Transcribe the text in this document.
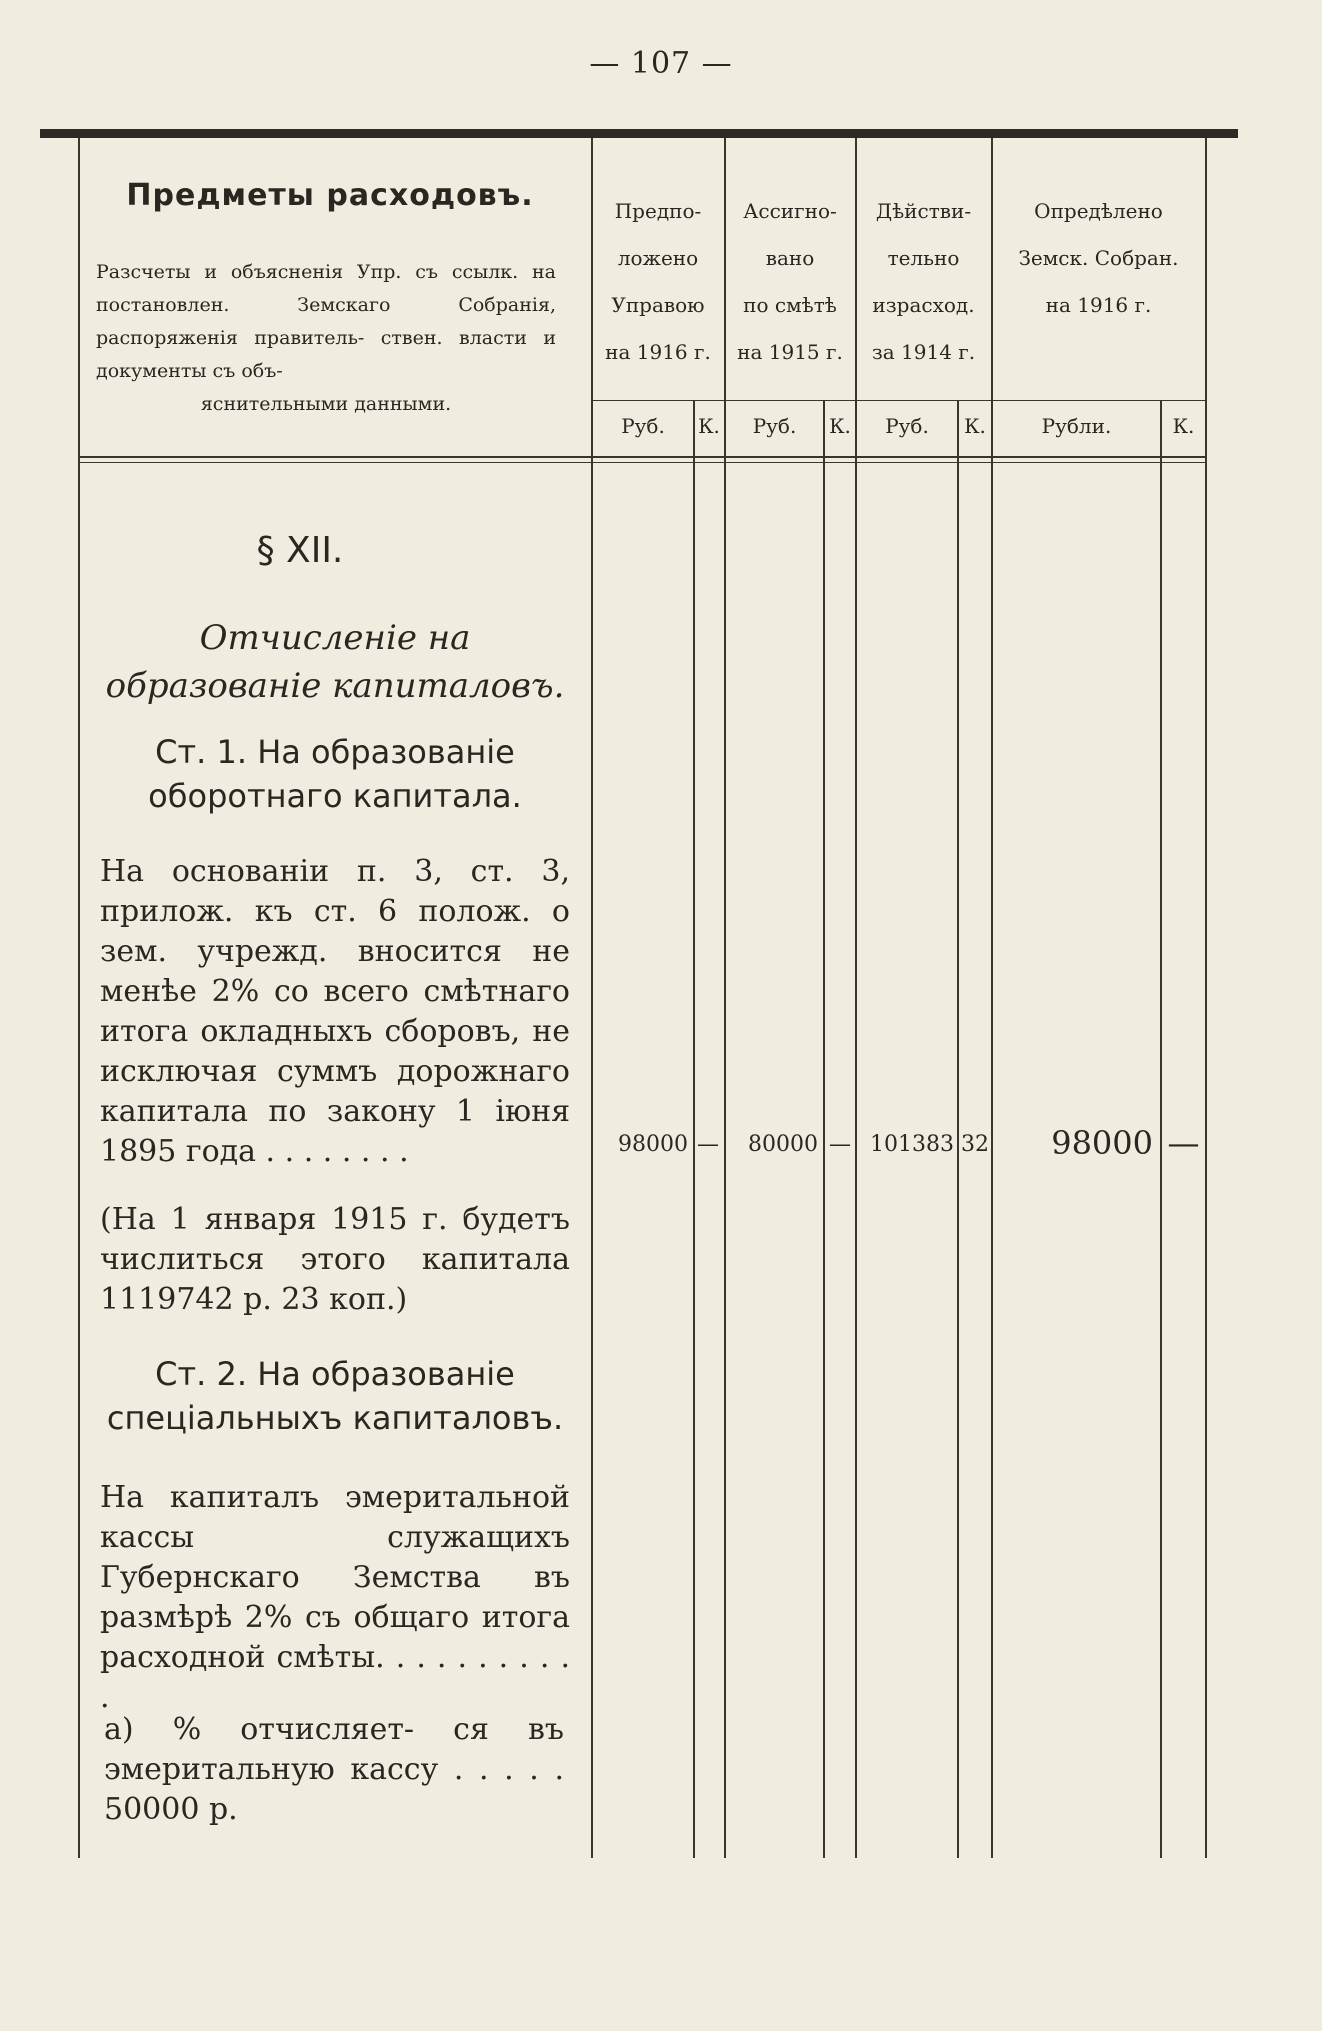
— 107 —
Предметы расходовъ.
Разсчеты и объясненія Упр. съ ссылк. на постановлен. Земскаго	Собранія, распоряженія правитель- ствен. власти и документы съ объ-
яснительными данными.
Предпо-
ложено
Управою
на 1916 г.
Ассигно-
вано
по смѣтѣ
на 1915 г.
Дѣйстви-
тельно
израсход.
за 1914 г.
Опредѣлено
Земск. Собран.
на 1916 г.
Руб.	К.	Руб.	К.	Руб.	К.	Рубли.	К.
§ XII.
Отчисленіе на образованіе капиталовъ.
Ст. 1. На образованіе оборотнаго капитала.
На основаніи п. 3, ст. 3, прилож. къ ст. 6 полож. о зем. учрежд. вносится не менѣе 2% со всего смѣтнаго итога окладныхъ сборовъ, не исключая суммъ дорожнаго капитала по закону 1 іюня 1895 года . . . . . . . .
(На 1 января 1915 г. будетъ числиться этого капитала 1119742 р. 23 коп.)
Ст. 2. На образованіе спеціальныхъ капиталовъ.
На капиталъ эмеритальной кассы служащихъ Губернскаго Земства въ размѣрѣ 2% съ общаго итога расходной смѣты. . . . . . . . . . .
а) % отчисляет- ся въ эмеритальную кассу . . . . . 50000 р.
98000 —	80000 — 101383 32	98000 —
